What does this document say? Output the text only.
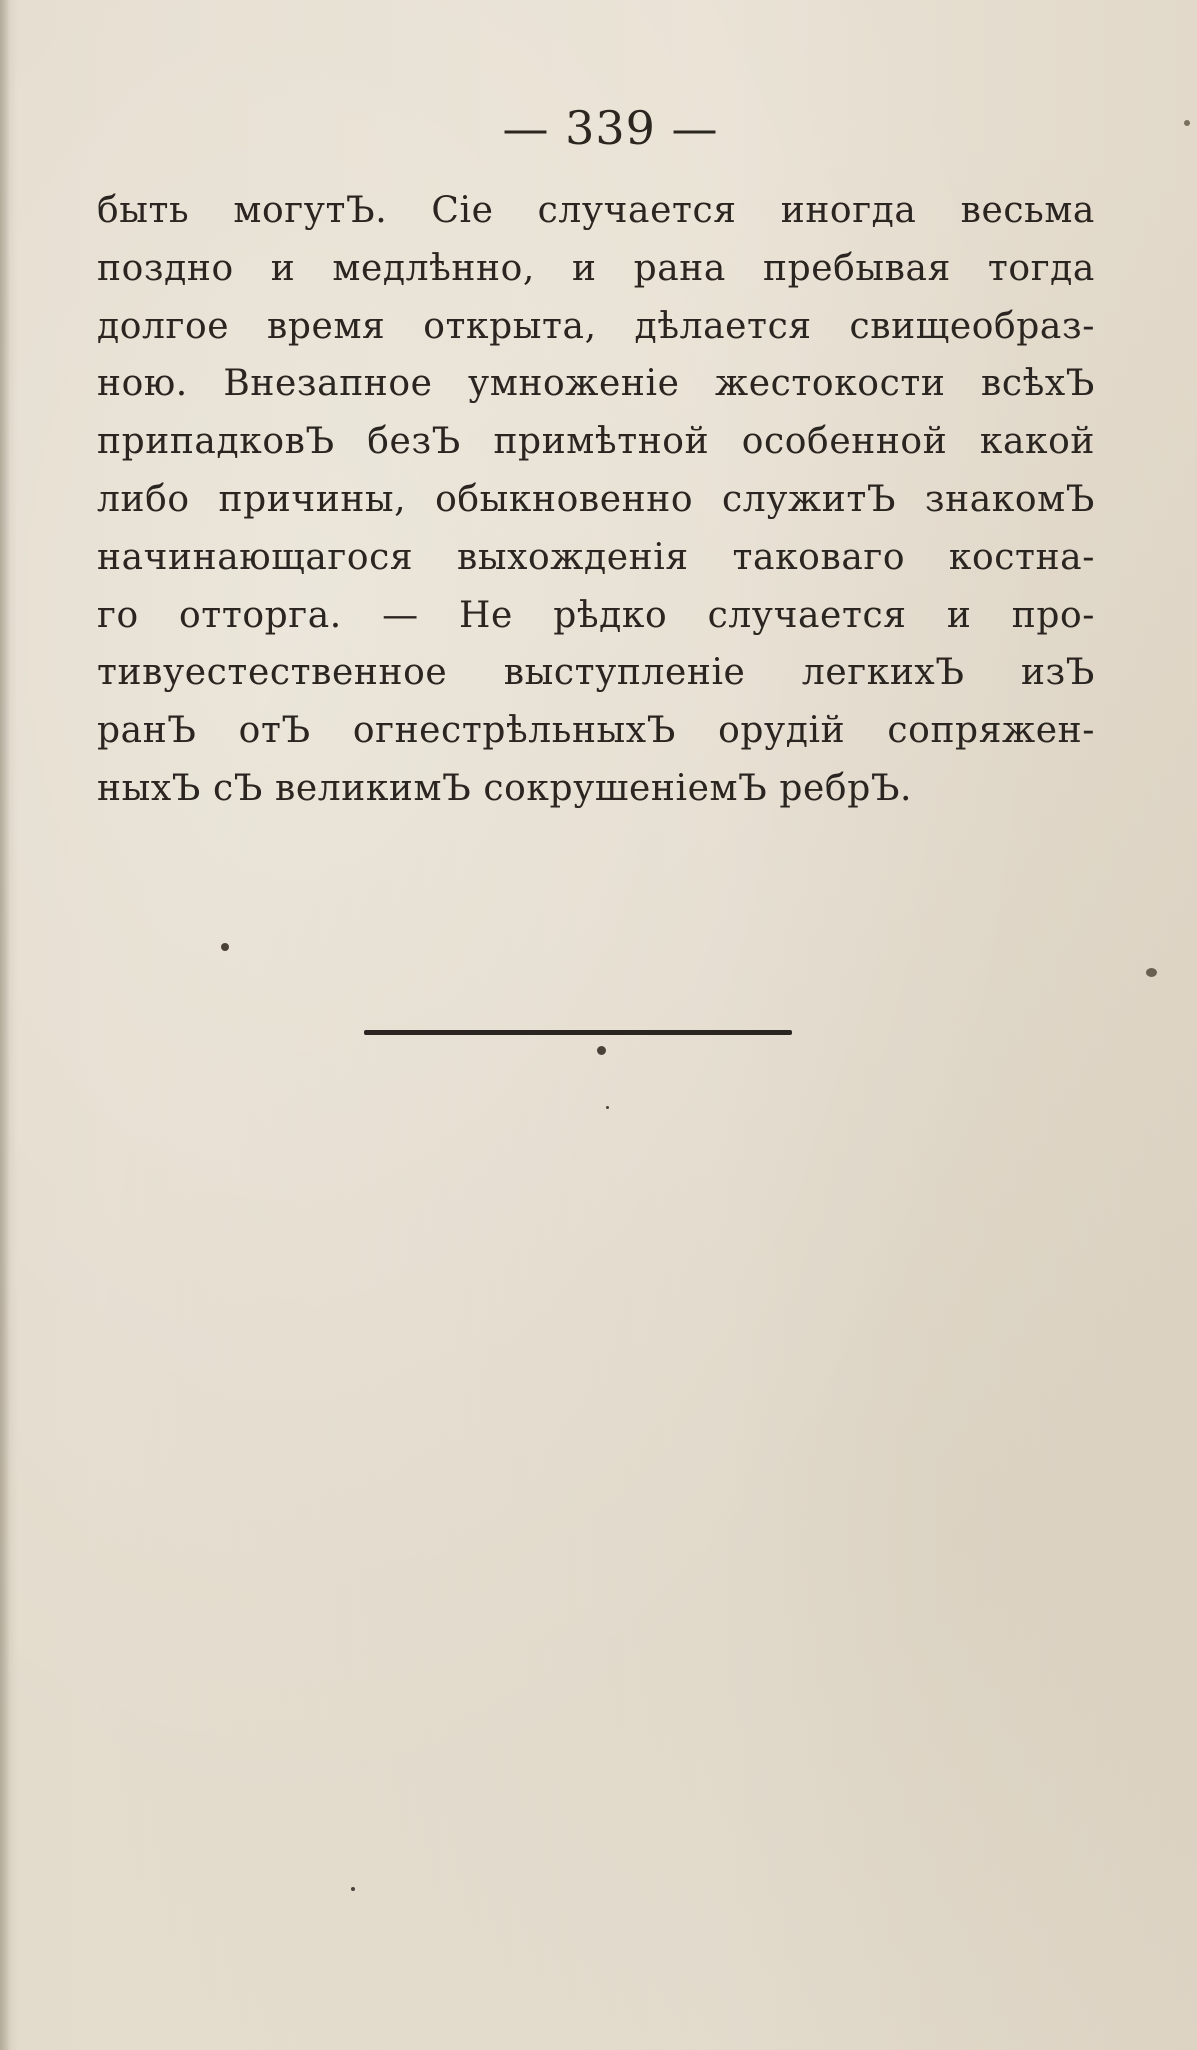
— 339 —
быть могутЪ. Сіе случается иногда весьма
поздно и медлѣнно, и рана пребывая тогда
долгое время открыта, дѣлается свищеобраз-
ною. Внезапное умноженіе жестокости всѣхЪ
припадковЪ безЪ примѣтной особенной какой
либо причины, обыкновенно служитЪ знакомЪ
начинающагося выхожденія таковаго костна-
го отторга. — Не рѣдко случается и про-
тивуестественное выступленіе легкихЪ изЪ
ранЪ отЪ огнестрѣльныхЪ орудій сопряжен-
ныхЪ сЪ великимЪ сокрушеніемЪ ребрЪ.
